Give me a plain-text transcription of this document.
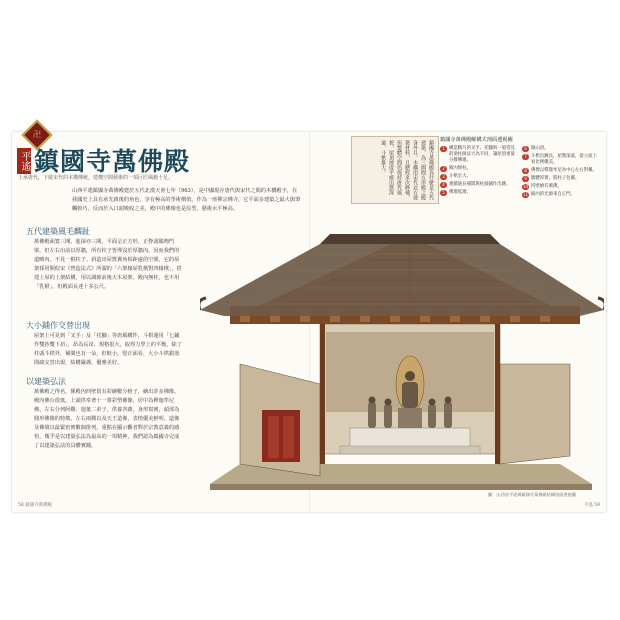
卍
平遙 鎮國寺萬佛殿
上承唐代，下啟宋代的木構傳統，建構空間藝術的一項巨匠風範十足。
山西平遙鎮國寺萬佛殿建於五代北漢天會七年（963），是中國現存唐代與宋代之間的木構殿字，在我國史上具有承先啟後的角色，享有極高的學術價值。作為一座禪宗佛寺，它平面多建築之最大與筆觸較巧，反而於入口頭吸收之美，殿中的佛像也是原型，藝術水平極高。
五代建築風毛麟趾
萬佛殿面寬三開，進深亦三間，平面呈正方形，正脊頭鴟吻門梁，但左右出前以厚牆，所有柱子皆埋沒於厚牆內，因而我們的道略內，不見一根柱子。斜造出屋簷翼角相距遠的空間，它的屋架採用類似宋《營造法式》所謂的「六架椽屋乳栿對四椽栿」，搭建上屋的上架結構，用以調節前後大木屋架。殿內無柱，也不用「乳栿」，但殿面長達十多公尺。
大小鋪作交替出現
屋架上可見到「叉手」及「托腳」等唐風構件，斗栱運用「七鋪作雙抄雙下昂」，昂為長昂、規格很大，取得力學上的平衡，除了柱頭斗栱外，補間也有一朵，但較小，豎正面看，大小斗栱錯落間疏交替出現，結構嚴謹，優雅美好。
以建築弘法
萬佛殿之得名，係殿內四壁留有彩繪數分格子，繪出許多佛像。殿內佛台很低，上頭供奉著十一尊彩塑佛像，居中為釋迦牟尼佛，左右分列阿難、迦葉二弟子，供養菩薩，身形寫實，頭部為圓形佛像的特徵。左右兩側以及天王造像，表情優美鮮明。造像及佛壇以最緊密實數個排列，重點在顯示觀者對於宗教意義的感悟，幾乎是以建築弘法為最高的一項精神，我們認為鎮國寺完成了以建築弘法的具體實踐。
鎮國寺萬佛殿為什麼是五代建築，為三開間方形殿之殿身外且，木構用宋代北方建築材料，且歷經多次修補，但整體空間仍保持唐代風貌，屋頂坡度平緩出簷深遠，斗栱雄大。	鎮國寺萬佛殿解構式剖面透視圖
1 構造精巧的叉手、托腳與一般常見的梁柱做法大為不同，讓屋頂重量分散傳遞。
2 殿內無柱。
3 斗栱宏大。
4 連續通長補間與柱頭鋪作出跳。
5 佛壇低矮。
6 歇山頂。
7 斗栱出跳長，屋簷深遠，從立面上看比例優美。
8 佛像以釋迦牟尼為中心左右對稱。
9 牆體厚實，將柱子包覆。
10 四壁繪有萬佛。
11 殿內的光源來自正門。
圖：山西省平遙縣鎮國寺萬佛殿結構剖面透視圖
58 鎮國寺萬佛殿	平遙 59
